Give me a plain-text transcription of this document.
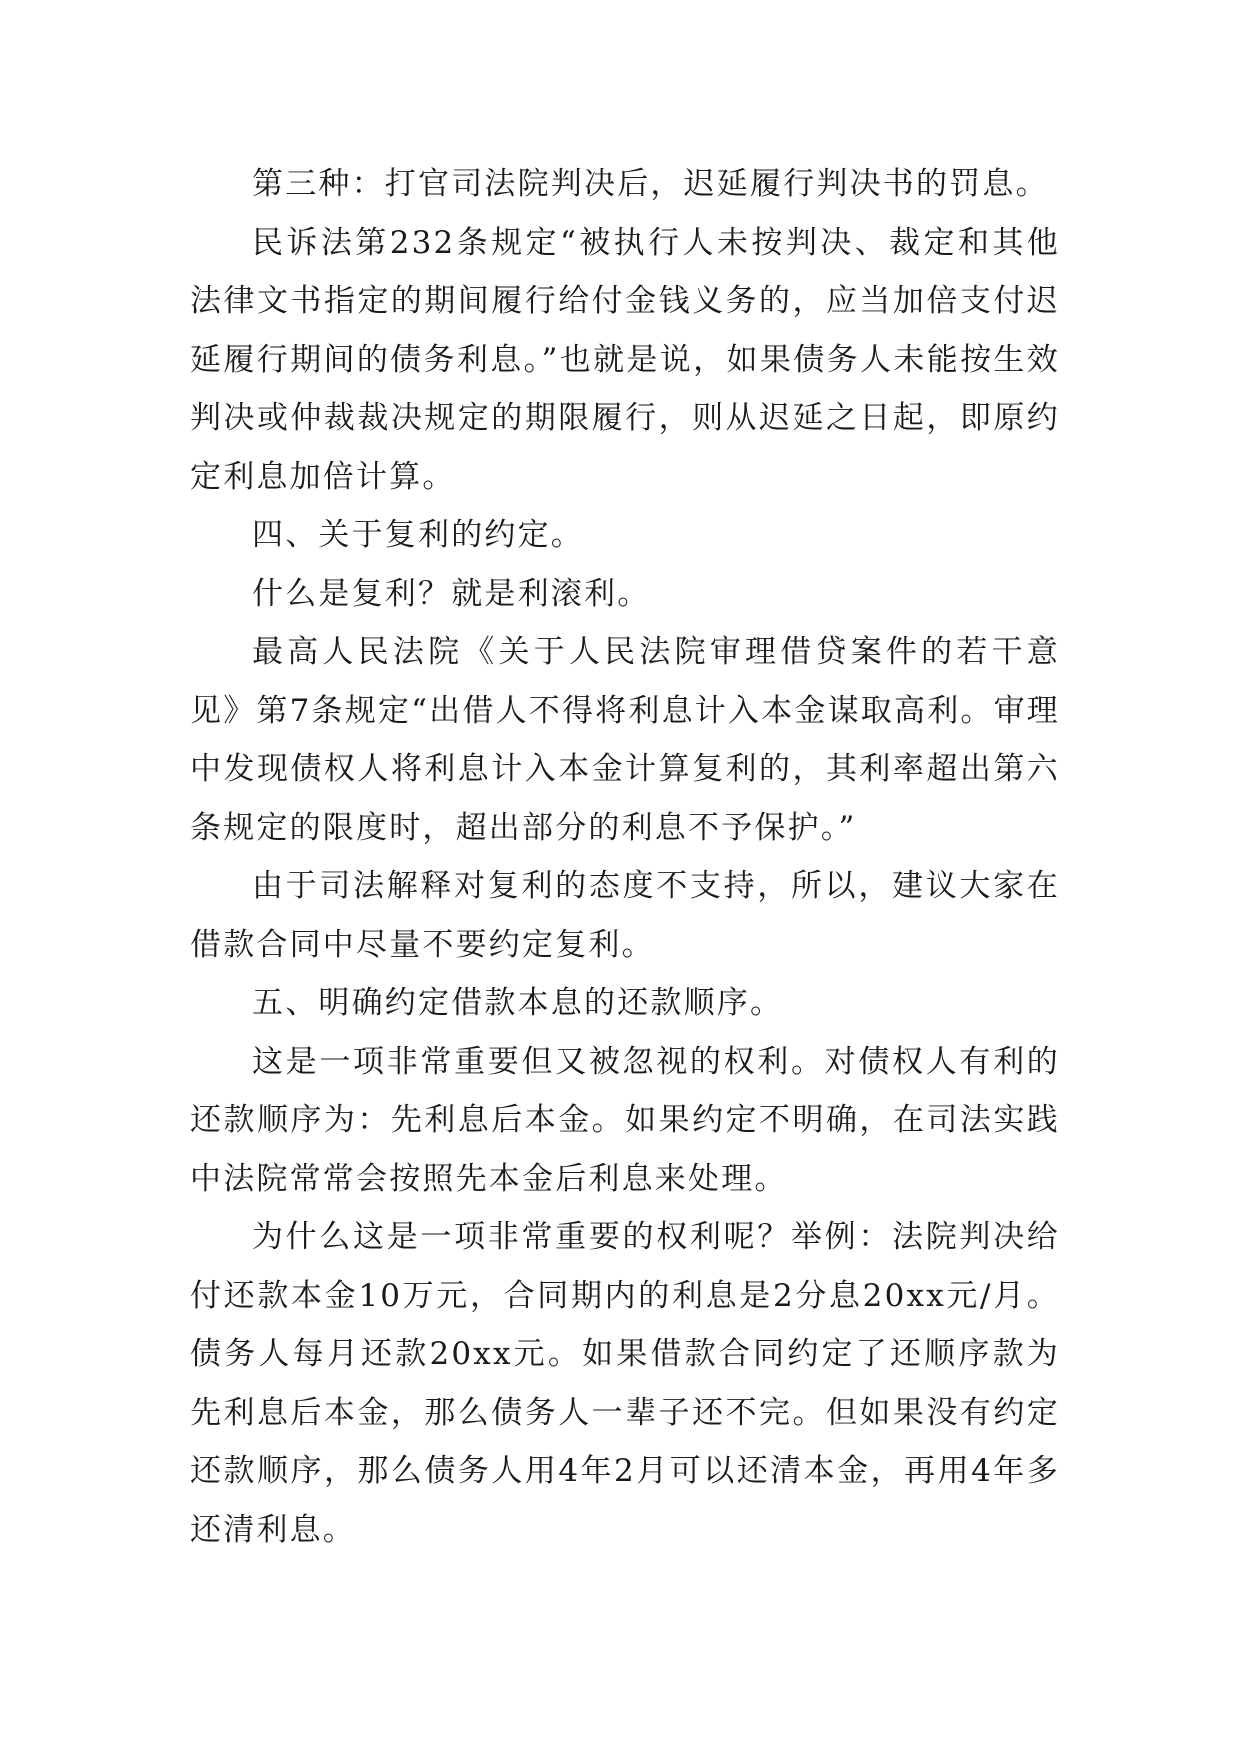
第三种：打官司法院判决后，迟延履行判决书的罚息。

民诉法第232条规定“被执行人未按判决、裁定和其他法律文书指定的期间履行给付金钱义务的，应当加倍支付迟延履行期间的债务利息。”也就是说，如果债务人未能按生效判决或仲裁裁决规定的期限履行，则从迟延之日起，即原约定利息加倍计算。

四、关于复利的约定。

什么是复利？就是利滚利。

最高人民法院《关于人民法院审理借贷案件的若干意见》第7条规定“出借人不得将利息计入本金谋取高利。审理中发现债权人将利息计入本金计算复利的，其利率超出第六条规定的限度时，超出部分的利息不予保护。”

由于司法解释对复利的态度不支持，所以，建议大家在借款合同中尽量不要约定复利。

五、明确约定借款本息的还款顺序。

这是一项非常重要但又被忽视的权利。对债权人有利的还款顺序为：先利息后本金。如果约定不明确，在司法实践中法院常常会按照先本金后利息来处理。

为什么这是一项非常重要的权利呢？举例：法院判决给付还款本金10万元，合同期内的利息是2分息20xx元/月。债务人每月还款20xx元。如果借款合同约定了还顺序款为先利息后本金，那么债务人一辈子还不完。但如果没有约定还款顺序，那么债务人用4年2月可以还清本金，再用4年多还清利息。
